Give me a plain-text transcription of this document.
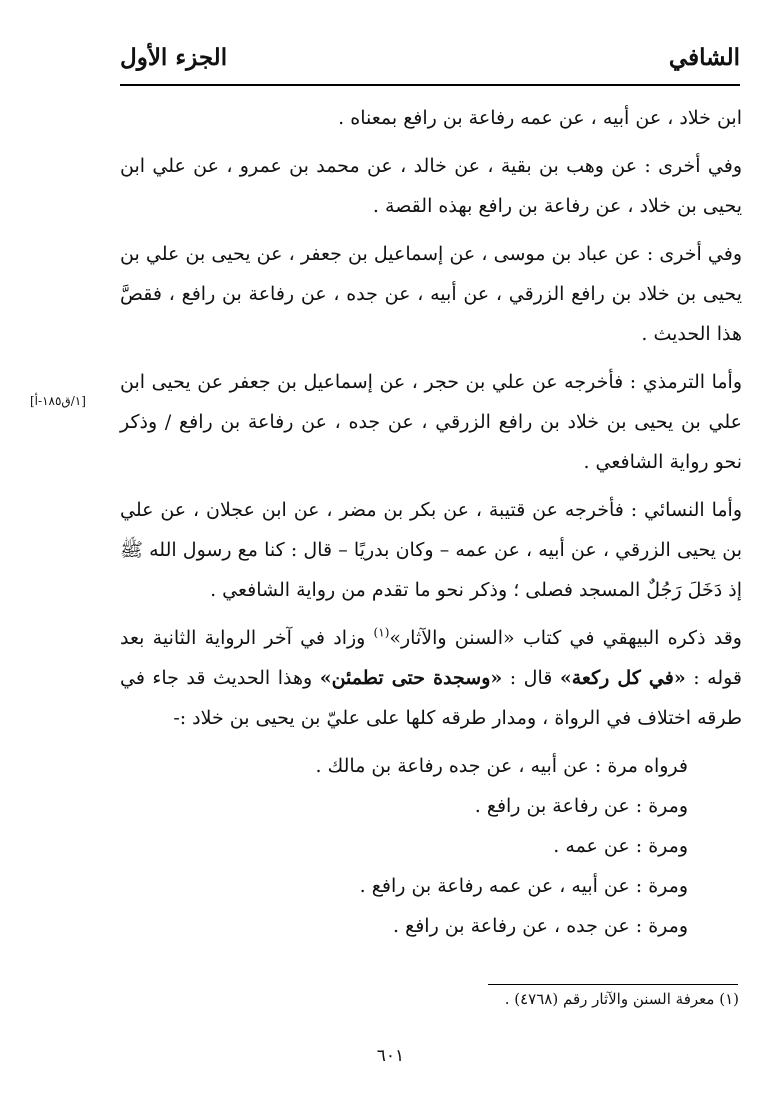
الشافي
الجزء الأول
[١/ق١٨٥-أ]

ابن خلاد ، عن أبيه ، عن عمه رفاعة بن رافع بمعناه .

وفي أخرى : عن وهب بن بقية ، عن خالد ، عن محمد بن عمرو ، عن علي ابن يحيى بن خلاد ، عن رفاعة بن رافع بهذه القصة .

وفي أخرى : عن عباد بن موسى ، عن إسماعيل بن جعفر ، عن يحيى بن علي بن يحيى بن خلاد بن رافع الزرقي ، عن أبيه ، عن جده ، عن رفاعة بن رافع ، فقصَّ هذا الحديث .

وأما الترمذي : فأخرجه عن علي بن حجر ، عن إسماعيل بن جعفر عن يحيى ابن علي بن يحيى بن خلاد بن رافع الزرقي ، عن جده ، عن رفاعة بن رافع / وذكر نحو رواية الشافعي .

وأما النسائي : فأخرجه عن قتيبة ، عن بكر بن مضر ، عن ابن عجلان ، عن علي بن يحيى الزرقي ، عن أبيه ، عن عمه – وكان بدريًا – قال : كنا مع رسول الله ﷺ إذ دَخَلَ رَجُلٌ المسجد فصلى ؛ وذكر نحو ما تقدم من رواية الشافعي .

وقد ذكره البيهقي في كتاب «السنن والآثار»$^{(١)}$ وزاد في آخر الرواية الثانية بعد قوله : «في كل ركعة» قال : «وسجدة حتى تطمئن» وهذا الحديث قد جاء في طرقه اختلاف في الرواة ، ومدار طرقه كلها على عليّ بن يحيى بن خلاد :-

فرواه مرة : عن أبيه ، عن جده رفاعة بن مالك .
ومرة : عن رفاعة بن رافع .
ومرة : عن عمه .
ومرة : عن أبيه ، عن عمه رفاعة بن رافع .
ومرة : عن جده ، عن رفاعة بن رافع .
(١) معرفة السنن والآثار رقم (٤٧٦٨) .
٦٠١
